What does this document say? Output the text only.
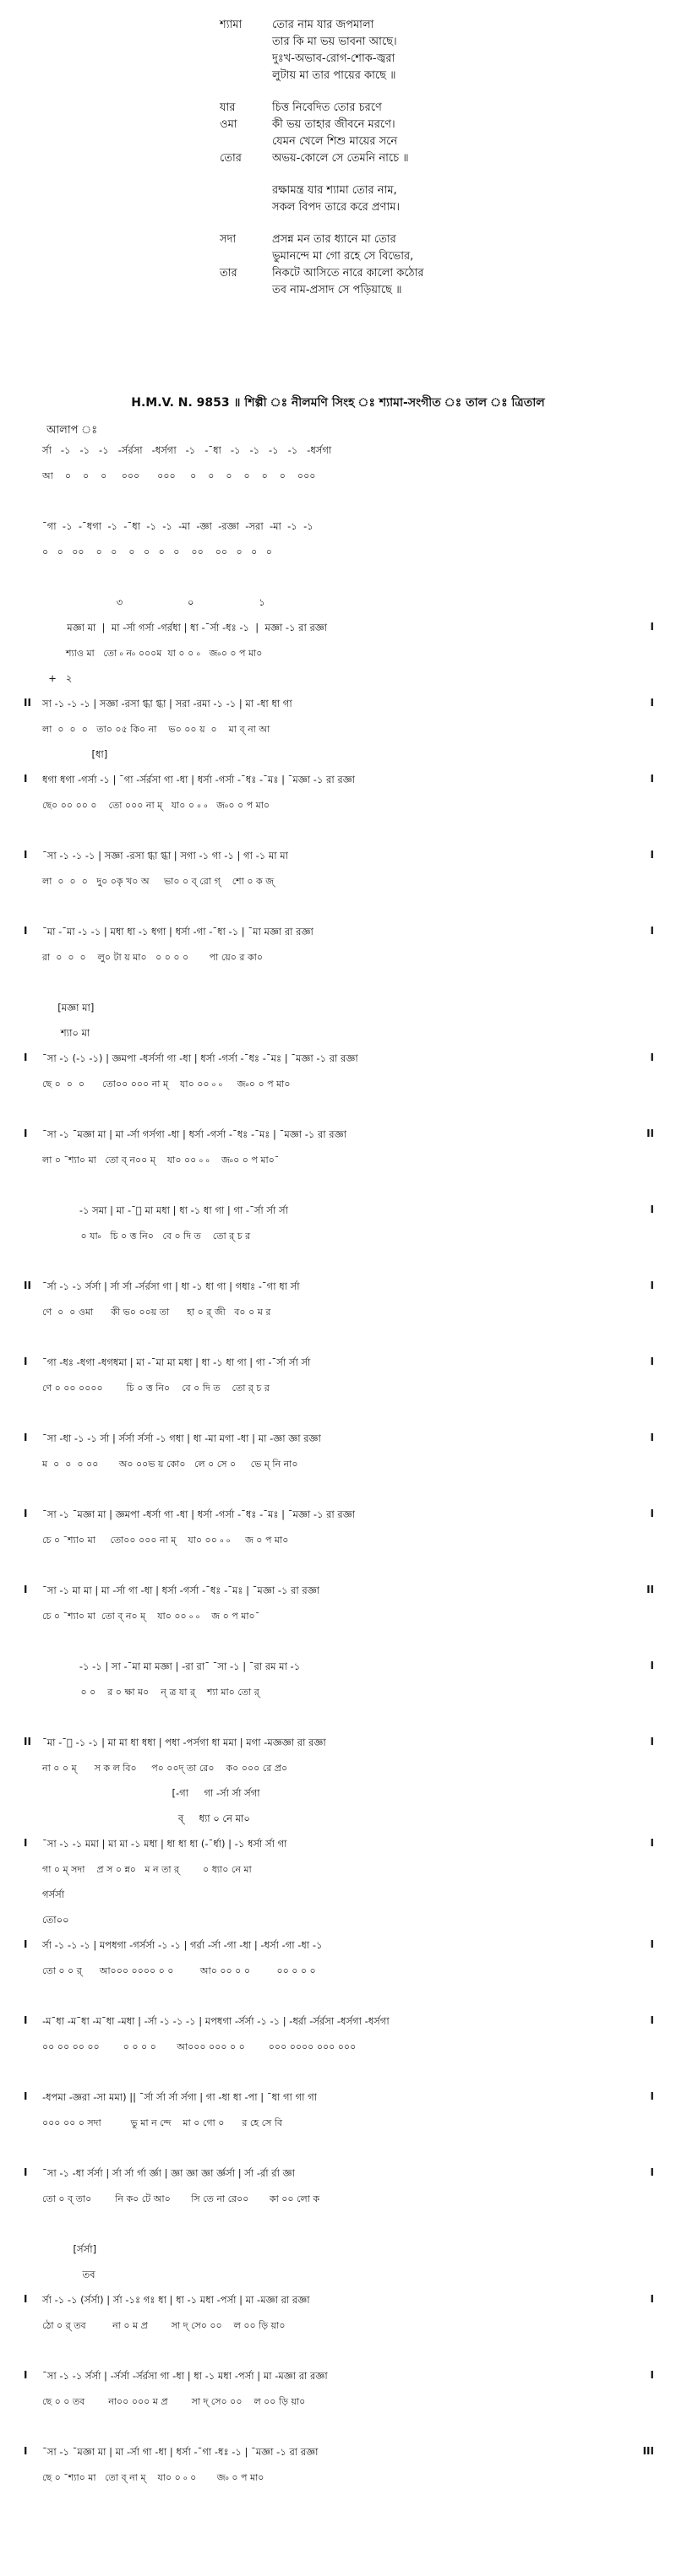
শ্যামা	তোর নাম যার জপমালা
তার কি মা ভয় ভাবনা আছে।
দুঃখ-অভাব-রোগ-শোক-জ্বরা
লুটায় মা তার পায়ের কাছে ॥
যার	চিত্ত নিবেদিত তোর চরণে
ওমা	কী ভয় তাহার জীবনে মরণে।
যেমন খেলে শিশু মায়ের সনে
তোর	অভয়-কোলে সে তেমনি নাচে ॥
রক্ষামন্ত্র যার শ্যামা তোর নাম,
সকল বিপদ তারে করে প্রণাম।
সদা	প্রসন্ন মন তার ধ্যানে মা তোর
ভুমানন্দে মা গো রহে সে বিভোর,
তার	নিকটে আসিতে নারে কালো কঠোর
তব নাম-প্রসাদ সে পড়িয়াছে ॥
H.M.V. N. 9853 ॥ শিল্পী ঃ নীলমণি সিংহ ঃ শ্যামা-সংগীত ঃ তাল ঃ ত্রিতাল
আলাপ ঃ
র্সা   -১   -১   -১   -র্সর্রসা   -ধর্সগা   -১   -ˉধা   -১   -১   -১   -১   -ধর্সগা
আ    ০    ০    ০     ০০০      ০০০     ০    ০    ০    ০    ০    ০    ০০০
ˉগা  -১  -ˉধগা  -১  -ˉধা  -১  -১  -মা  -জ্ঞা  -রজ্ঞা  -সরা  -মা  -১  -১
০   ০   ০০    ০   ০    ০   ০   ০   ০    ০০    ০০   ০   ০   ০
৩                     ০                     ১
মজ্ঞা মা  |  মা -র্সা গর্সা -গর্রধা | ধা -ˉর্সা ‑ধঃ -১  |  মজ্ঞা -১ রা রজ্ঞা	I
শ্যাও মা   তো ৹ ন৹ ০০০ম  যা ০ ০ ৹   জ৹০ ০ প মা০
+   ২
II সা -১ -১ -১ | সজ্ঞা -রসা গ্ধা গ্ধা | সরা -রমা -১ -১ | মা -ধা ধা গা	I
লা  ০  ০  ০   তা০ ০৫ কি০ না    ভ০ ০০ য়  ০    মা ব্ না আ
[ধা]
I ধগা ধগা -গর্সা -১ | ˉগা -র্সর্রসা গা -ধা | ধর্সা -গর্সা -ˉধঃ -ˉমঃ | ˉমজ্ঞা -১ রা রজ্ঞা	I
ছে০ ০০ ০০ ০    তো ০০০ না ম্   যা০ ০ ৹ ৹   জ৹০ ০ প মা০
I ˉসা -১ -১ -১ | সজ্ঞা -রসা গ্ধা গ্ধা | সগা -১ গা -১ | গা -১ মা মা	I
লা  ০  ০  ০   দু০ ০কৃ খ০ অ     ভা০ ০ ব্ রো গ্    শো ০ ক জ্
I ˉমা -ˉমা -১ -১ | মধা ধা -১ ধগা | ধর্সা -গা -ˉধা -১ | ˉমা মজ্ঞা রা রজ্ঞা	I
রা  ০  ০  ০    লু০ টা য় মা০   ০ ০ ০ ০       পা য়ে০ র কা০
[মজ্ঞা মা]
শ্যা০ মা
I ˉসা -১ (-১ -১) | জ্ঞমপা -ধর্সর্সা গা -ধা | ধর্সা -গর্সা -ˉধঃ -ˉমঃ | ˉমজ্ঞা -১ রা রজ্ঞা	I
ছে ০  ০  ০      তো০০ ০০০ না ম্    যা০ ০০ ৹ ৹     জ৹০ ০ প মা০
I ˉসা -১ ˉমজ্ঞা মা | মা -র্সা গর্সগা -ধা | ধর্সা -গর্সা -ˉধঃ -ˉমঃ | ˉমজ্ঞা -১ রা রজ্ঞা	II
লা ০ ˉশ্যা০ মা   তো ব্ ন০০ ম্    যা০ ০০ ৹ ৹    জ৹০ ০ প মা০ˉ
-১ সমা | মা -ˉা মা মধা | ধা -১ ধা গা | গা -ˉর্সা র্সা র্সা	I
০ যা৹   চি ০ ত্ত নি০   বে ০ দি ত    তো র্ চ র
II ˉর্সা -১ -১ র্সর্সা | র্সা র্সা -র্সর্রসা গা | ধা -১ ধা গা | গধাঃ -ˉগা ধা র্সা	I
ণে  ০  ০ ওমা      কী ভ০ ০০য় তা      হা ০ র্ জী   ব০ ০ ম র
I ˉগা -ধঃ -ধগা -ধগধমা | মা -ˉমা মা মধা | ধা -১ ধা গা | গা -ˉর্সা র্সা র্সা	I
ণে ০ ০০ ০০০০        চি ০ ত্ত নি০    বে ০ দি ত    তো র্ চ র
I ˉসা -ধা -১ -১ র্সা | র্সর্সা র্সর্সা -১ গধা | ধা -মা মগা -ধা | মা -জ্ঞা জ্ঞা রজ্ঞা	I
ম  ০  ০  ০ ০০       অ০ ০০ভ য় কো০   লে ০ সে ০     ভে ম্ নি না০
I ˉসা -১ ˉমজ্ঞা মা | জ্ঞমপা -ধর্সা গা -ধা | ধর্সা -গর্সা -ˉধঃ -ˉমঃ | ˉমজ্ঞা -১ রা রজ্ঞা	I
চে ০ ˉশ্যা০ মা     তো০০ ০০০ না ম্    যা০ ০০ ৹ ৹     জ ০ প মা০
I ˉসা -১ মা মা | মা -র্সা গা -ধা | ধর্সা -গর্সা -ˉধঃ -ˉমঃ | ˉমজ্ঞা -১ রা রজ্ঞা	II
চে ০ ˉশ্যা০ মা  তো ব্ ন০ ম্    যা০ ০০ ৹ ৹    জ ০ প মা০ˉ
-১ -১ | সা -ˉমা মা মজ্ঞা | -রা রাˉ ˉসা -১ | ˉরা রম মা -১	I
০ ০    র ০ ক্ষা ম০    ন্ ত্র যা র্    শ্যা মা০ তো র্
II ˉমা -ˉা -১ -১ | মা মা ধা ধধা | পধা -পর্সগা ধা মমা | মগা -মজ্ঞজ্ঞা রা রজ্ঞা	I
না ০ ০ ম্      স ক ল বি০     প০ ০০দ্ তা রে০    ক০ ০০০ রে প্র০
[-গা     গা -র্সা র্সা র্সগা
ব্     ধ্যা ০ নে মা০
I ˉসা -১ -১ মমা | মা মা -১ মধা | ধা ধা ধা (-ˉর্ধা) | -১ ধর্সা র্সা গা	I
গা ০ ম্ সদা    প্র স ০ ন্ন০   ম ন তা র্        ০ ধ্যা০ নে মা
গর্সর্সা
তো০০
I র্সা -১ -১ -১ | মপধগা -গর্সর্সা -১ -১ | গর্রা -র্সা -গা -ধা | -ধর্সা -গা -ধা -১	I
তো ০ ০ র্      আ০০০ ০০০০ ০ ০         আ০ ০০ ০ ০         ০০ ০ ০ ০
I -মˉধা -মˉধা -মˉধা -মধা | -র্সা -১ -১ -১ | মপধগা -র্সর্সা -১ -১ | -ধর্রা -র্সর্রসা -ধর্সগা -ধর্সগা	I
০০ ০০ ০০ ০০        ০ ০ ০ ০       আ০০০ ০০০ ০ ০        ০০০ ০০০০ ০০০ ০০০
I -ধপমা -জ্ঞরা -সা মমা) || ˉর্সা র্সা র্সা র্সগা | গা -ধা ধা -পা | ˉধা গা গা গা	I
০০০ ০০ ০ সদা          ভু মা ন ন্দে    মা ০ গো ০      র হে সে বি
I ˉসা -১ -ধা র্সর্সা | র্সা র্সা র্গা র্জ্ঞা | জ্ঞা জ্ঞা জ্ঞা র্জ্ঞর্সা | র্সা -র্রা র্রা জ্ঞা	I
তো ০ ব্ তা০        নি ক০ টে আ০       সি তে না রে০০       কা ০০ লো ক
[র্সর্সা]
তব
I র্সা -১ -১ (র্সর্সা) | র্সা -১ঃ গঃ ধা | ধা -১ মধা -পর্সা | মা -মজ্ঞা রা রজ্ঞা	I
ঠো ০ র্ তব         না ০ ম প্র        সা দ্ সে০ ০০    ল ০০ ড়ি য়া০
I ˉসা -১ -১ র্সর্সা | -র্সর্সা -র্সর্রসা গা -ধা | ধা -১ মধা -পর্সা | মা -মজ্ঞা রা রজ্ঞা	I
ছে ০ ০ তব        না০০ ০০০ ম প্র        সা দ্ সে০ ০০    ল ০০ ড়ি য়া০
I ˉসা -১ ˉমজ্ঞা মা | মা -র্সা গা -ধা | ধর্সা -ˉগা -ধঃ -১ | ˉমজ্ঞা -১ রা রজ্ঞা	III
ছে ০ ˉশ্যা০ মা   তো ব্ না ম্    যা০ ০ ৹ ০       জ৹ ০ প মা০
